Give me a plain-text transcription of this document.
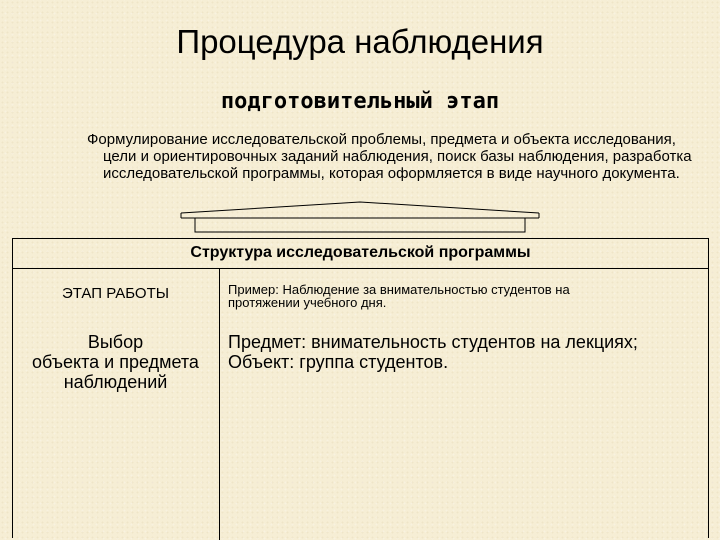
Процедура наблюдения
подготовительный этап
Формулирование исследовательской проблемы, предмета и объекта исследования, цели и ориентировочных заданий наблюдения, поиск базы наблюдения, разработка исследовательской программы, которая оформляется в виде научного документа.
Структура исследовательской программы
ЭТАП РАБОТЫ	Пример: Наблюдение за внимательностью студентов на
протяжении учебного дня.
Выбор
объекта и предмета
наблюдений
Предмет: внимательность студентов на лекциях;
Объект: группа студентов.
